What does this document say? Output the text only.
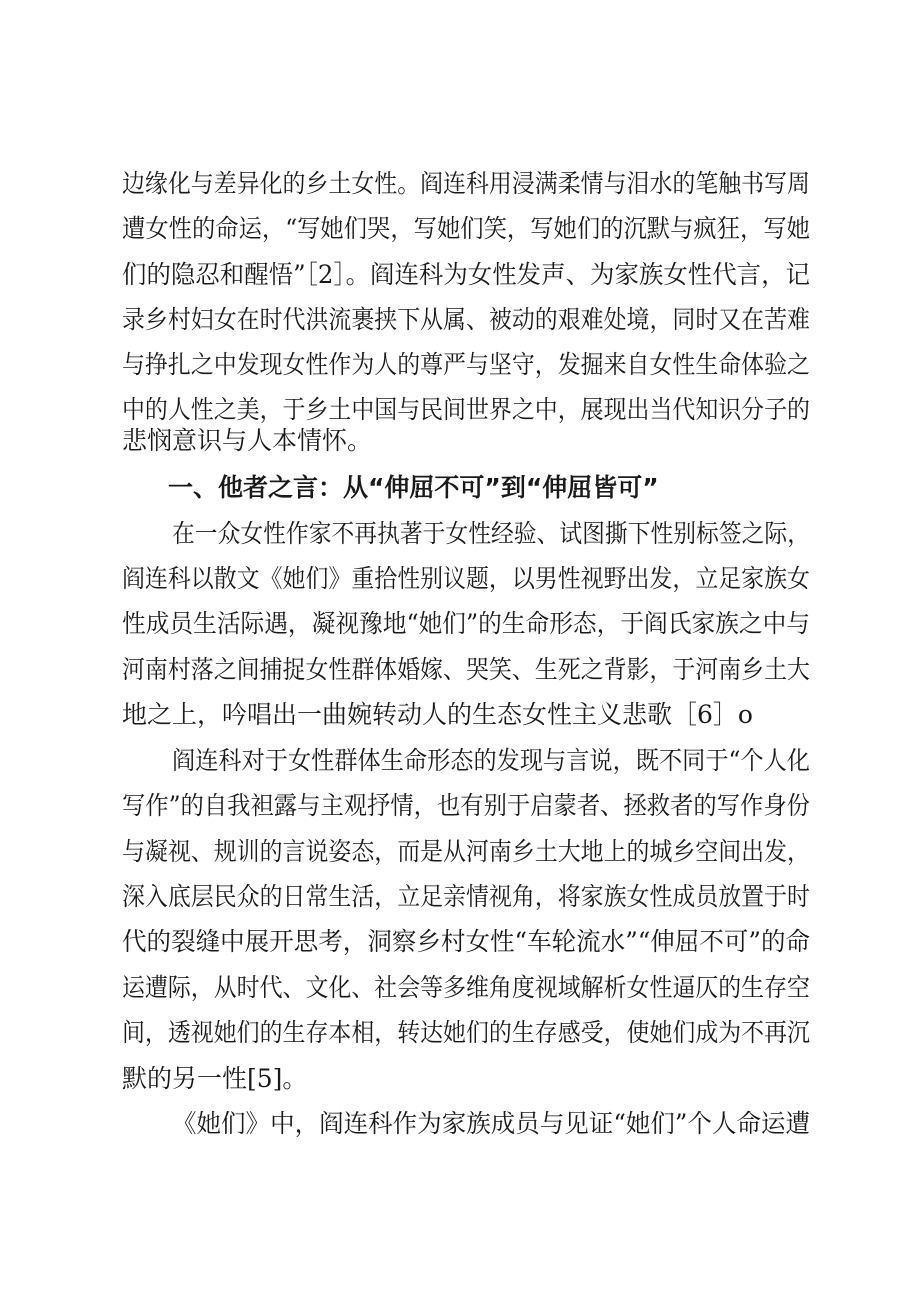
边缘化与差异化的乡土女性。阎连科用浸满柔情与泪水的笔触书写周
遭女性的命运，“写她们哭，写她们笑，写她们的沉默与疯狂，写她
们的隐忍和醒悟”［2］。阎连科为女性发声、为家族女性代言，记
录乡村妇女在时代洪流裹挟下从属、被动的艰难处境，同时又在苦难
与挣扎之中发现女性作为人的尊严与坚守，发掘来自女性生命体验之
中的人性之美，于乡土中国与民间世界之中，展现出当代知识分子的
悲悯意识与人本情怀。
一、他者之言：从“伸屈不可”到“伸屈皆可”
在一众女性作家不再执著于女性经验、试图撕下性别标签之际，
阎连科以散文《她们》重拾性别议题，以男性视野出发，立足家族女
性成员生活际遇，凝视豫地“她们”的生命形态，于阎氏家族之中与
河南村落之间捕捉女性群体婚嫁、哭笑、生死之背影，于河南乡土大
地之上，吟唱出一曲婉转动人的生态女性主义悲歌［6］o
阎连科对于女性群体生命形态的发现与言说，既不同于“个人化
写作”的自我袒露与主观抒情，也有别于启蒙者、拯救者的写作身份
与凝视、规训的言说姿态，而是从河南乡土大地上的城乡空间出发，
深入底层民众的日常生活，立足亲情视角，将家族女性成员放置于时
代的裂缝中展开思考，洞察乡村女性“车轮流水”“伸屈不可”的命
运遭际，从时代、文化、社会等多维角度视域解析女性逼仄的生存空
间，透视她们的生存本相，转达她们的生存感受，使她们成为不再沉
默的另一性[5]。
《她们》中，阎连科作为家族成员与见证“她们”个人命运遭
